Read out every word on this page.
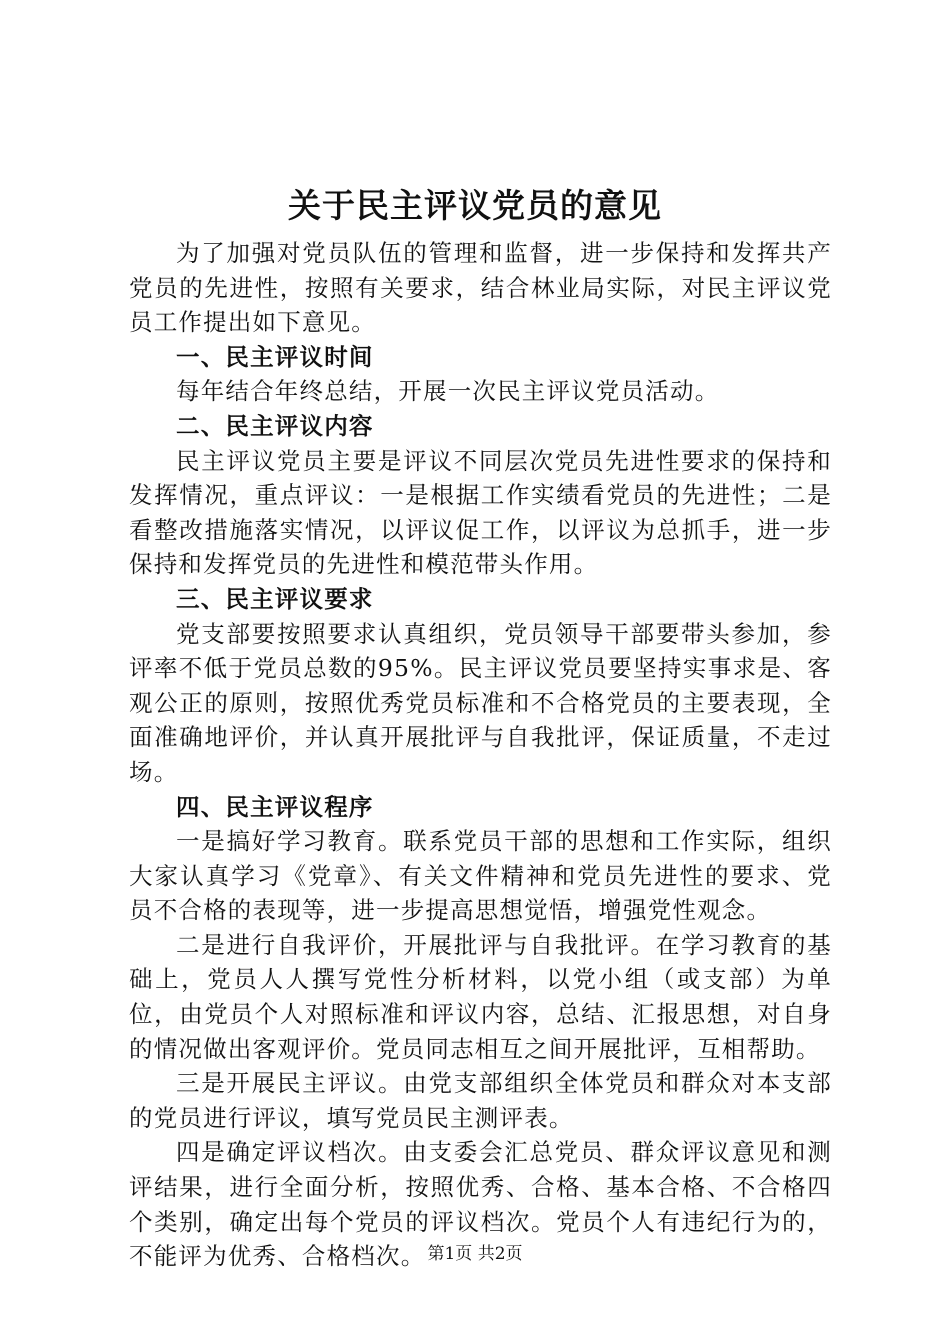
关于民主评议党员的意见

为了加强对党员队伍的管理和监督，进一步保持和发挥共产党员的先进性，按照有关要求，结合林业局实际，对民主评议党员工作提出如下意见。

一、民主评议时间

每年结合年终总结，开展一次民主评议党员活动。

二、民主评议内容

民主评议党员主要是评议不同层次党员先进性要求的保持和发挥情况，重点评议：一是根据工作实绩看党员的先进性；二是看整改措施落实情况，以评议促工作，以评议为总抓手，进一步保持和发挥党员的先进性和模范带头作用。

三、民主评议要求

党支部要按照要求认真组织，党员领导干部要带头参加，参评率不低于党员总数的95%。民主评议党员要坚持实事求是、客观公正的原则，按照优秀党员标准和不合格党员的主要表现，全面准确地评价，并认真开展批评与自我批评，保证质量，不走过场。

四、民主评议程序

一是搞好学习教育。联系党员干部的思想和工作实际，组织大家认真学习《党章》、有关文件精神和党员先进性的要求、党员不合格的表现等，进一步提高思想觉悟，增强党性观念。

二是进行自我评价，开展批评与自我批评。在学习教育的基础上，党员人人撰写党性分析材料，以党小组（或支部）为单位，由党员个人对照标准和评议内容，总结、汇报思想，对自身的情况做出客观评价。党员同志相互之间开展批评，互相帮助。

三是开展民主评议。由党支部组织全体党员和群众对本支部的党员进行评议，填写党员民主测评表。

四是确定评议档次。由支委会汇总党员、群众评议意见和测评结果，进行全面分析，按照优秀、合格、基本合格、不合格四个类别，确定出每个党员的评议档次。党员个人有违纪行为的，不能评为优秀、合格档次。 第1页 共2页
